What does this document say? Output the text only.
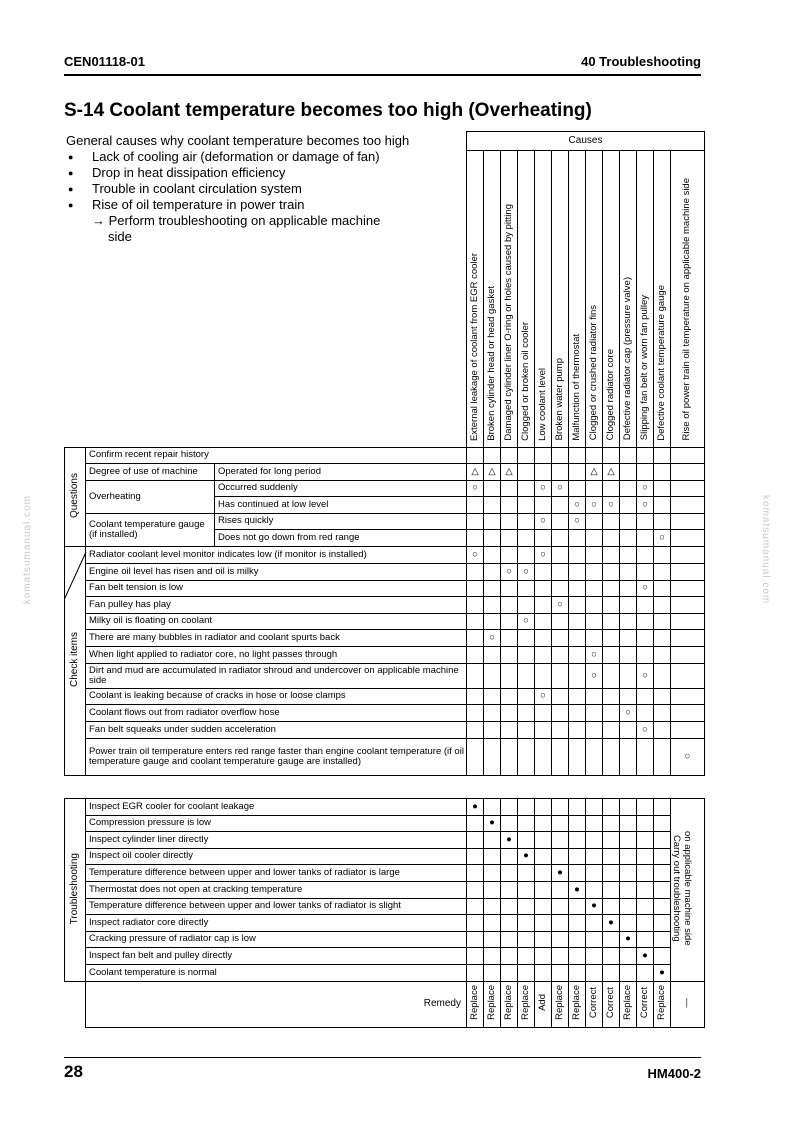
CEN01118-01	40 Troubleshooting
S-14 Coolant temperature becomes too high (Overheating)
General causes why coolant temperature becomes too high
● Lack of cooling air (deformation or damage of fan)
● Drop in heat dissipation efficiency
● Trouble in coolant circulation system
● Rise of oil temperature in power train
→ Perform troubleshooting on applicable machine
side
komatsumanual.com	komatsumanual.com
			Causes												
			External leakage of coolant from EGR cooler	Broken cylinder head or head gasket	Damaged cylinder liner O-ring or holes caused by pitting	Clogged or broken oil cooler	Low coolant level	Broken water pump	Malfunction of thermostat	Clogged or crushed radiator fins	Clogged radiator core	Defective radiator cap (pressure valve)	Slipping fan belt or worn fan pulley	Defective coolant temperature gauge	Rise of power train oil temperature on applicable machine side
Questions	Confirm recent repair history														
	Degree of use of machine	Operated for long period	△	△	△					△	△				
	Overheating	Occurred suddenly	○				○	○					○		
		Has continued at low level							○	○	○		○		
	Coolant temperature gauge (if installed)	Rises quickly					○		○						
		Does not go down from red range												○	
Check items	Radiator coolant level monitor indicates low (if monitor is installed)		○				○								
	Engine oil level has risen and oil is milky				○	○									
	Fan belt tension is low												○		
	Fan pulley has play							○							
	Milky oil is floating on coolant					○									
	There are many bubbles in radiator and coolant spurts back			○											
	When light applied to radiator core, no light passes through									○					
	Dirt and mud are accumulated in radiator shroud and undercover on applicable machine side									○			○		
	Coolant is leaking because of cracks in hose or loose clamps						○								
	Coolant flows out from radiator overflow hose											○			
	Fan belt squeaks under sudden acceleration												○		
	Power train oil temperature enters red range faster than engine coolant temperature (if oil temperature gauge and coolant temperature gauge are installed)														○
Troubleshooting	Inspect EGR cooler for coolant leakage	●												Carry out troubleshooting
on applicable machine side
	Compression pressure is low		●											
	Inspect cylinder liner directly			●										
	Inspect oil cooler directly				●									
	Temperature difference between upper and lower tanks of radiator is large						●							
	Thermostat does not open at cracking temperature							●						
	Temperature difference between upper and lower tanks of radiator is slight								●					
	Inspect radiator core directly									●				
	Cracking pressure of radiator cap is low										●			
	Inspect fan belt and pulley directly											●		
	Coolant temperature is normal												●	
	Remedy	Replace	Replace	Replace	Replace	Add	Replace	Replace	Correct	Correct	Replace	Correct	Replace	—
28	HM400-2
